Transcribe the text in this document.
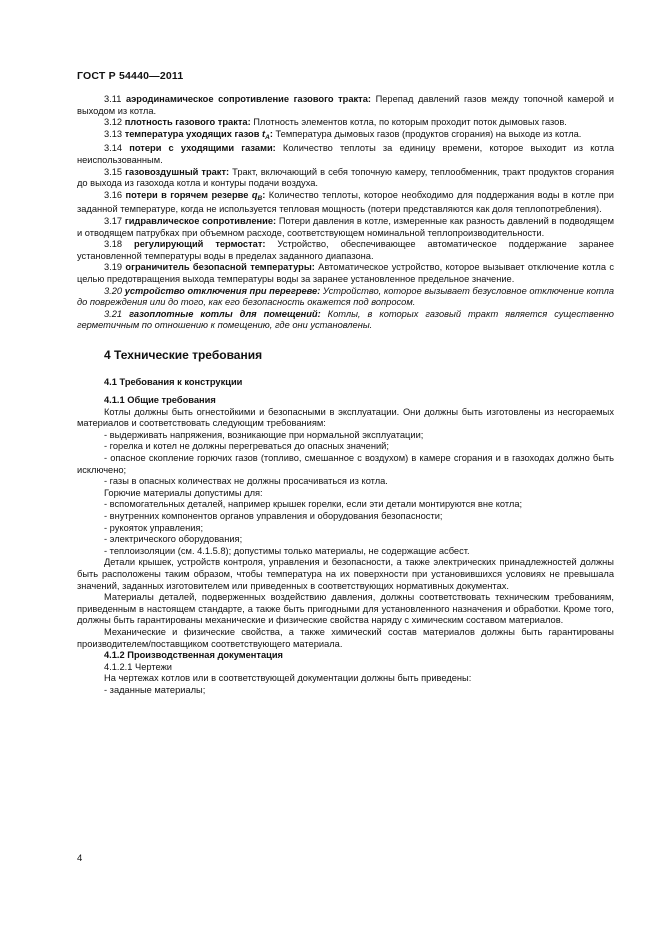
ГОСТ Р 54440—2011

3.11 аэродинамическое сопротивление газового тракта: Перепад давлений газов между топочной камерой и выходом из котла.

3.12 плотность газового тракта: Плотность элементов котла, по которым проходит поток дымовых газов.

3.13 температура уходящих газов $t_A$: Температура дымовых газов (продуктов сгорания) на выходе из котла.

3.14 потери с уходящими газами: Количество теплоты за единицу времени, которое выходит из котла неиспользованным.

3.15 газовоздушный тракт: Тракт, включающий в себя топочную камеру, теплообменник, тракт продуктов сгорания до выхода из газохода котла и контуры подачи воздуха.

3.16 потери в горячем резерве $q_B$: Количество теплоты, которое необходимо для поддержания воды в котле при заданной температуре, когда не используется тепловая мощность (потери представляются как доля теплопотребления).

3.17 гидравлическое сопротивление: Потери давления в котле, измеренные как разность давлений в подводящем и отводящем патрубках при объемном расходе, соответствующем номинальной теплопроизводительности.

3.18 регулирующий термостат: Устройство, обеспечивающее автоматическое поддержание заранее установленной температуры воды в пределах заданного диапазона.

3.19 ограничитель безопасной температуры: Автоматическое устройство, которое вызывает отключение котла с целью предотвращения выхода температуры воды за заранее установленное предельное значение.

3.20 устройство отключения при перегреве: Устройство, которое вызывает безусловное отключение котла до повреждения или до того, как его безопасность окажется под вопросом.

3.21 газоплотные котлы для помещений: Котлы, в которых газовый тракт является существенно герметичным по отношению к помещению, где они установлены.

4 Технические требования

4.1 Требования к конструкции

4.1.1 Общие требования

Котлы должны быть огнестойкими и безопасными в эксплуатации. Они должны быть изготовлены из несгораемых материалов и соответствовать следующим требованиям:

- выдерживать напряжения, возникающие при нормальной эксплуатации;

- горелка и котел не должны перегреваться до опасных значений;

- опасное скопление горючих газов (топливо, смешанное с воздухом) в камере сгорания и в газоходах должно быть исключено;

- газы в опасных количествах не должны просачиваться из котла.

Горючие материалы допустимы для:

- вспомогательных деталей, например крышек горелки, если эти детали монтируются вне котла;

- внутренних компонентов органов управления и оборудования безопасности;

- рукояток управления;

- электрического оборудования;

- теплоизоляции (см. 4.1.5.8); допустимы только материалы, не содержащие асбест.

Детали крышек, устройств контроля, управления и безопасности, а также электрических принадлежностей должны быть расположены таким образом, чтобы температура на их поверхности при установившихся условиях не превышала значений, заданных изготовителем или приведенных в соответствующих нормативных документах.

Материалы деталей, подверженных воздействию давления, должны соответствовать техническим требованиям, приведенным в настоящем стандарте, а также быть пригодными для установленного назначения и обработки. Кроме того, должны быть гарантированы механические и физические свойства наряду с химическим составом материалов.

Механические и физические свойства, а также химический состав материалов должны быть гарантированы производителем/поставщиком соответствующего материала.

4.1.2 Производственная документация

4.1.2.1 Чертежи

На чертежах котлов или в соответствующей документации должны быть приведены:

- заданные материалы;

4
